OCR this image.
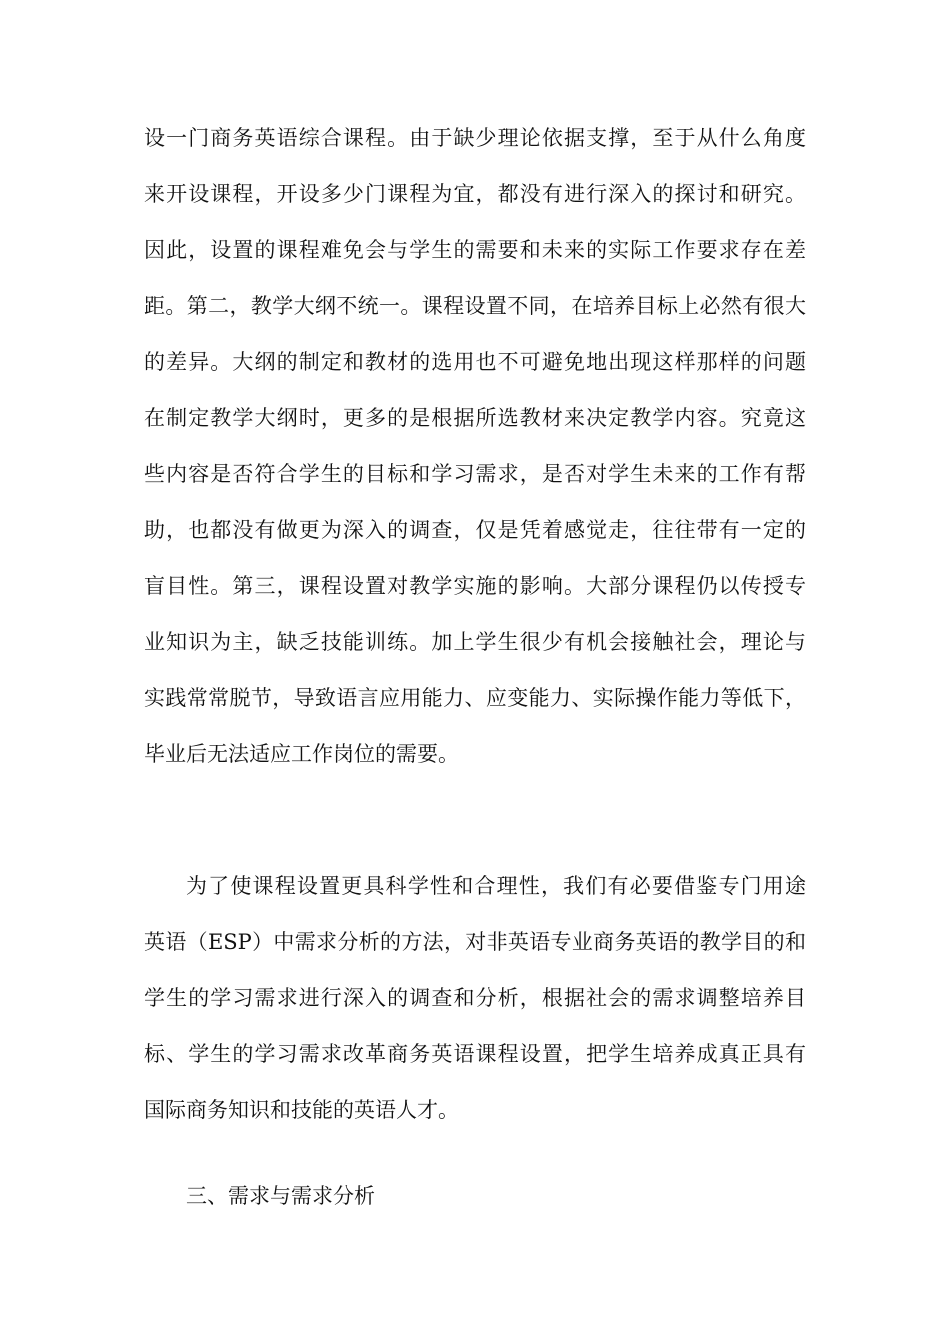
设一门商务英语综合课程。由于缺少理论依据支撑，至于从什么角度
来开设课程，开设多少门课程为宜，都没有进行深入的探讨和研究。
因此，设置的课程难免会与学生的需要和未来的实际工作要求存在差
距。第二，教学大纲不统一。课程设置不同，在培养目标上必然有很大
的差异。大纲的制定和教材的选用也不可避免地出现这样那样的问题
在制定教学大纲时，更多的是根据所选教材来决定教学内容。究竟这
些内容是否符合学生的目标和学习需求，是否对学生未来的工作有帮
助，也都没有做更为深入的调查，仅是凭着感觉走，往往带有一定的
盲目性。第三，课程设置对教学实施的影响。大部分课程仍以传授专
业知识为主，缺乏技能训练。加上学生很少有机会接触社会，理论与
实践常常脱节，导致语言应用能力、应变能力、实际操作能力等低下，
毕业后无法适应工作岗位的需要。
为了使课程设置更具科学性和合理性，我们有必要借鉴专门用途
英语（ESP）中需求分析的方法，对非英语专业商务英语的教学目的和
学生的学习需求进行深入的调查和分析，根据社会的需求调整培养目
标、学生的学习需求改革商务英语课程设置，把学生培养成真正具有
国际商务知识和技能的英语人才。
三、需求与需求分析
